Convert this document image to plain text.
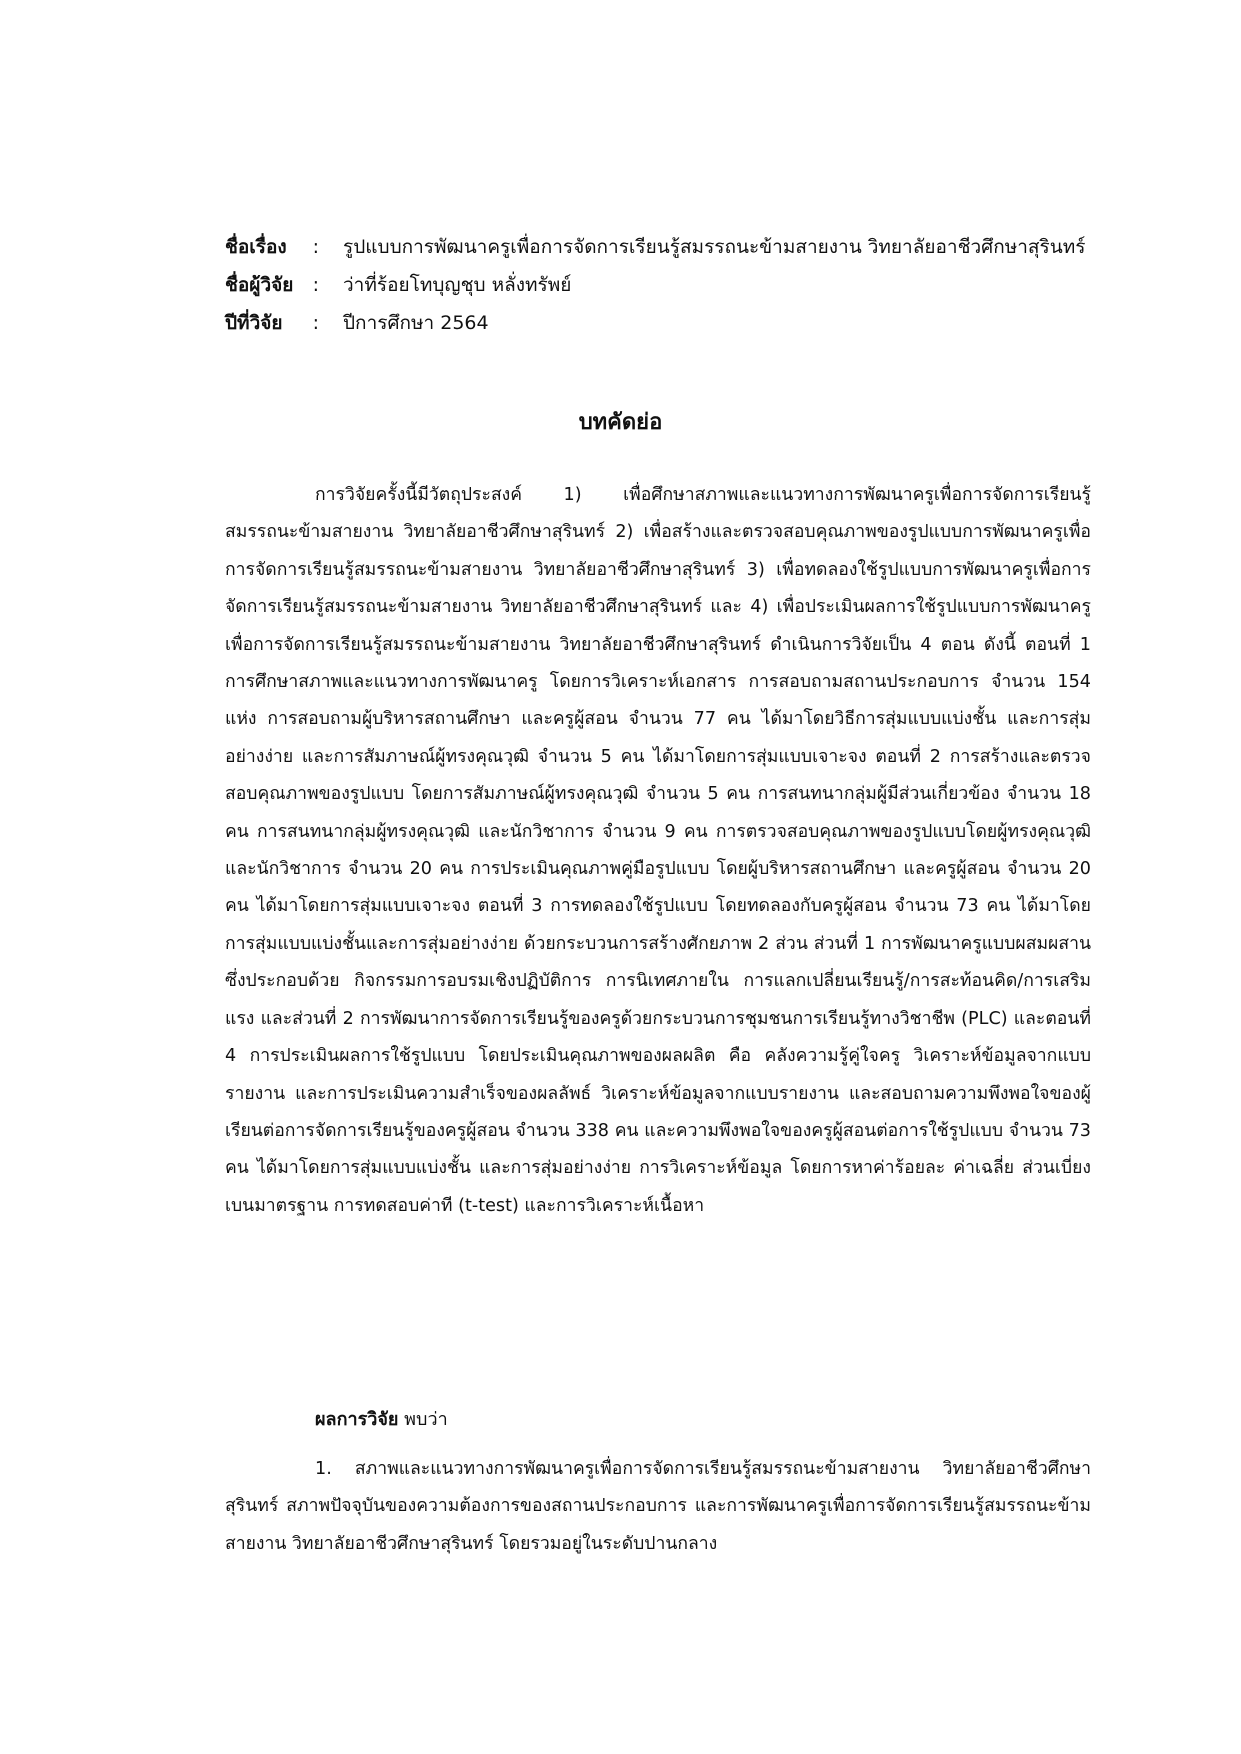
ชื่อเรื่อง : รูปแบบการพัฒนาครูเพื่อการจัดการเรียนรู้สมรรถนะข้ามสายงาน วิทยาลัยอาชีวศึกษาสุรินทร์
ชื่อผู้วิจัย : ว่าที่ร้อยโทบุญชุบ หลั่งทรัพย์
ปีที่วิจัย : ปีการศึกษา 2564
บทคัดย่อ

การวิจัยครั้งนี้มีวัตถุประสงค์ 1) เพื่อศึกษาสภาพและแนวทางการพัฒนาครูเพื่อการจัดการเรียนรู้สมรรถนะข้ามสายงาน วิทยาลัยอาชีวศึกษาสุรินทร์ 2) เพื่อสร้างและตรวจสอบคุณภาพของรูปแบบการพัฒนาครูเพื่อการจัดการเรียนรู้สมรรถนะข้ามสายงาน วิทยาลัยอาชีวศึกษาสุรินทร์ 3) เพื่อทดลองใช้รูปแบบการพัฒนาครูเพื่อการจัดการเรียนรู้สมรรถนะข้ามสายงาน วิทยาลัยอาชีวศึกษาสุรินทร์ และ 4) เพื่อประเมินผลการใช้รูปแบบการพัฒนาครูเพื่อการจัดการเรียนรู้สมรรถนะข้ามสายงาน วิทยาลัยอาชีวศึกษาสุรินทร์ ดำเนินการวิจัยเป็น 4 ตอน ดังนี้ ตอนที่ 1 การศึกษาสภาพและแนวทางการพัฒนาครู โดยการวิเคราะห์เอกสาร การสอบถามสถานประกอบการ จำนวน 154 แห่ง การสอบถามผู้บริหารสถานศึกษา และครูผู้สอน จำนวน 77 คน ได้มาโดยวิธีการสุ่มแบบแบ่งชั้น และการสุ่มอย่างง่าย และการสัมภาษณ์ผู้ทรงคุณวุฒิ จำนวน 5 คน ได้มาโดยการสุ่มแบบเจาะจง ตอนที่ 2 การสร้างและตรวจสอบคุณภาพของรูปแบบ โดยการสัมภาษณ์ผู้ทรงคุณวุฒิ จำนวน 5 คน การสนทนากลุ่มผู้มีส่วนเกี่ยวข้อง จำนวน 18 คน การสนทนากลุ่มผู้ทรงคุณวุฒิ และนักวิชาการ จำนวน 9 คน การตรวจสอบคุณภาพของรูปแบบโดยผู้ทรงคุณวุฒิ และนักวิชาการ จำนวน 20 คน การประเมินคุณภาพคู่มือรูปแบบ โดยผู้บริหารสถานศึกษา และครูผู้สอน จำนวน 20 คน ได้มาโดยการสุ่มแบบเจาะจง ตอนที่ 3 การทดลองใช้รูปแบบ โดยทดลองกับครูผู้สอน จำนวน 73 คน ได้มาโดยการสุ่มแบบแบ่งชั้นและการสุ่มอย่างง่าย ด้วยกระบวนการสร้างศักยภาพ 2 ส่วน ส่วนที่ 1 การพัฒนาครูแบบผสมผสาน ซึ่งประกอบด้วย กิจกรรมการอบรมเชิงปฏิบัติการ การนิเทศภายใน การแลกเปลี่ยนเรียนรู้/การสะท้อนคิด/การเสริมแรง และส่วนที่ 2 การพัฒนาการจัดการเรียนรู้ของครูด้วยกระบวนการชุมชนการเรียนรู้ทางวิชาชีพ (PLC) และตอนที่ 4 การประเมินผลการใช้รูปแบบ โดยประเมินคุณภาพของผลผลิต คือ คลังความรู้คู่ใจครู วิเคราะห์ข้อมูลจากแบบรายงาน และการประเมินความสำเร็จของผลลัพธ์ วิเคราะห์ข้อมูลจากแบบรายงาน และสอบถามความพึงพอใจของผู้เรียนต่อการจัดการเรียนรู้ของครูผู้สอน จำนวน 338 คน และความพึงพอใจของครูผู้สอนต่อการใช้รูปแบบ จำนวน 73 คน ได้มาโดยการสุ่มแบบแบ่งชั้น และการสุ่มอย่างง่าย การวิเคราะห์ข้อมูล โดยการหาค่าร้อยละ ค่าเฉลี่ย ส่วนเบี่ยงเบนมาตรฐาน การทดสอบค่าที (t-test) และการวิเคราะห์เนื้อหา

ผลการวิจัย พบว่า

1. สภาพและแนวทางการพัฒนาครูเพื่อการจัดการเรียนรู้สมรรถนะข้ามสายงาน วิทยาลัยอาชีวศึกษาสุรินทร์ สภาพปัจจุบันของความต้องการของสถานประกอบการ และการพัฒนาครูเพื่อการจัดการเรียนรู้สมรรถนะข้ามสายงาน วิทยาลัยอาชีวศึกษาสุรินทร์ โดยรวมอยู่ในระดับปานกลาง
